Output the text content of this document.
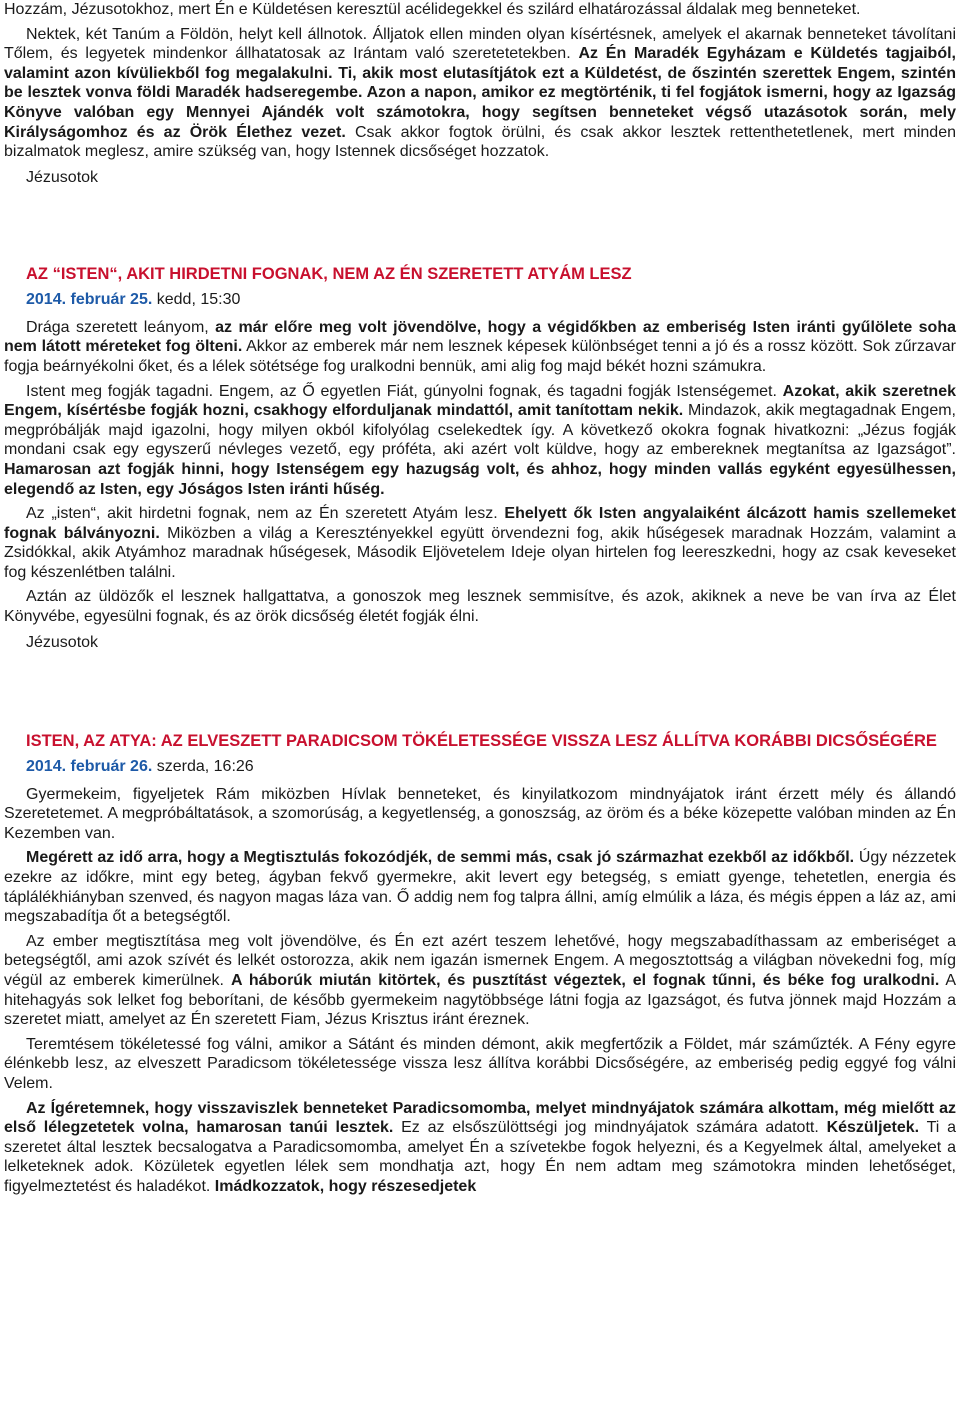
Hozzám, Jézusotokhoz, mert Én e Küldetésen keresztül acélidegekkel és szilárd elhatározással áldalak meg benneteket.

Nektek, két Tanúm a Földön, helyt kell állnotok. Álljatok ellen minden olyan kísértésnek, amelyek el akarnak benneteket távolítani Tőlem, és legyetek mindenkor állhatatosak az Irántam való szeretetetekben. Az Én Maradék Egyházam e Küldetés tagjaiból, valamint azon kívüliekből fog megalakulni. Ti, akik most elutasítjátok ezt a Küldetést, de őszintén szerettek Engem, szintén be lesztek vonva földi Maradék hadseregembe. Azon a napon, amikor ez megtörténik, ti fel fogjátok ismerni, hogy az Igazság Könyve valóban egy Mennyei Ajándék volt számotokra, hogy segítsen benneteket végső utazásotok során, mely Királyságomhoz és az Örök Élethez vezet. Csak akkor fogtok örülni, és csak akkor lesztek rettenthetetlenek, mert minden bizalmatok meglesz, amire szükség van, hogy Istennek dicsőséget hozzatok.

Jézusotok
AZ “ISTEN“, AKIT HIRDETNI FOGNAK, NEM AZ ÉN SZERETETT ATYÁM LESZ
2014. február 25. kedd, 15:30

Drága szeretett leányom, az már előre meg volt jövendölve, hogy a végidőkben az emberiség Isten iránti gyűlölete soha nem látott méreteket fog ölteni. Akkor az emberek már nem lesznek képesek különbséget tenni a jó és a rossz között. Sok zűrzavar fogja beárnyékolni őket, és a lélek sötétsége fog uralkodni bennük, ami alig fog majd békét hozni számukra.

Istent meg fogják tagadni. Engem, az Ő egyetlen Fiát, gúnyolni fognak, és tagadni fogják Istenségemet. Azokat, akik szeretnek Engem, kísértésbe fogják hozni, csakhogy elforduljanak mindattól, amit tanítottam nekik. Mindazok, akik megtagadnak Engem, megpróbálják majd igazolni, hogy milyen okból kifolyólag cselekedtek így. A következő okokra fognak hivatkozni: „Jézus fogják mondani csak egy egyszerű névleges vezető, egy próféta, aki azért volt küldve, hogy az embereknek megtanítsa az Igazságot”. Hamarosan azt fogják hinni, hogy Istenségem egy hazugság volt, és ahhoz, hogy minden vallás egyként egyesülhessen, elegendő az Isten, egy Jóságos Isten iránti hűség.

Az „isten“, akit hirdetni fognak, nem az Én szeretett Atyám lesz. Ehelyett ők Isten angyalaiként álcázott hamis szellemeket fognak bálványozni. Miközben a világ a Keresztényekkel együtt örvendezni fog, akik hűségesek maradnak Hozzám, valamint a Zsidókkal, akik Atyámhoz maradnak hűségesek, Második Eljövetelem Ideje olyan hirtelen fog leereszkedni, hogy az csak keveseket fog készenlétben találni.

Aztán az üldözők el lesznek hallgattatva, a gonoszok meg lesznek semmisítve, és azok, akiknek a neve be van írva az Élet Könyvébe, egyesülni fognak, és az örök dicsőség életét fogják élni.

Jézusotok
ISTEN, AZ ATYA: AZ ELVESZETT PARADICSOM TÖKÉLETESSÉGE VISSZA LESZ ÁLLÍTVA KORÁBBI DICSŐSÉGÉRE
2014. február 26. szerda, 16:26

Gyermekeim, figyeljetek Rám miközben Hívlak benneteket, és kinyilatkozom mindnyájatok iránt érzett mély és állandó Szeretetemet. A megpróbáltatások, a szomorúság, a kegyetlenség, a gonoszság, az öröm és a béke közepette valóban minden az Én Kezemben van.

Megérett az idő arra, hogy a Megtisztulás fokozódjék, de semmi más, csak jó származhat ezekből az időkből. Úgy nézzetek ezekre az időkre, mint egy beteg, ágyban fekvő gyermekre, akit levert egy betegség, s emiatt gyenge, tehetetlen, energia és táplálékhiányban szenved, és nagyon magas láza van. Ő addig nem fog talpra állni, amíg elmúlik a láza, és mégis éppen a láz az, ami megszabadítja őt a betegségtől.

Az ember megtisztítása meg volt jövendölve, és Én ezt azért teszem lehetővé, hogy megszabadíthassam az emberiséget a betegségtől, ami azok szívét és lelkét ostorozza, akik nem igazán ismernek Engem. A megosztottság a világban növekedni fog, míg végül az emberek kimerülnek. A háborúk miután kitörtek, és pusztítást végeztek, el fognak tűnni, és béke fog uralkodni. A hitehagyás sok lelket fog beborítani, de később gyermekeim nagytöbbsége látni fogja az Igazságot, és futva jönnek majd Hozzám a szeretet miatt, amelyet az Én szeretett Fiam, Jézus Krisztus iránt éreznek.

Teremtésem tökéletessé fog válni, amikor a Sátánt és minden démont, akik megfertőzik a Földet, már száműzték. A Fény egyre élénkebb lesz, az elveszett Paradicsom tökéletessége vissza lesz állítva korábbi Dicsőségére, az emberiség pedig eggyé fog válni Velem.

Az Ígéretemnek, hogy visszaviszlek benneteket Paradicsomomba, melyet mindnyájatok számára alkottam, még mielőtt az első lélegzetetek volna, hamarosan tanúi lesztek. Ez az elsőszülöttségi jog mindnyájatok számára adatott. Készüljetek. Ti a szeretet által lesztek becsalogatva a Paradicsomomba, amelyet Én a szívetekbe fogok helyezni, és a Kegyelmek által, amelyeket a lelketeknek adok. Közületek egyetlen lélek sem mondhatja azt, hogy Én nem adtam meg számotokra minden lehetőséget, figyelmeztetést és haladékot. Imádkozzatok, hogy részesedjetek
